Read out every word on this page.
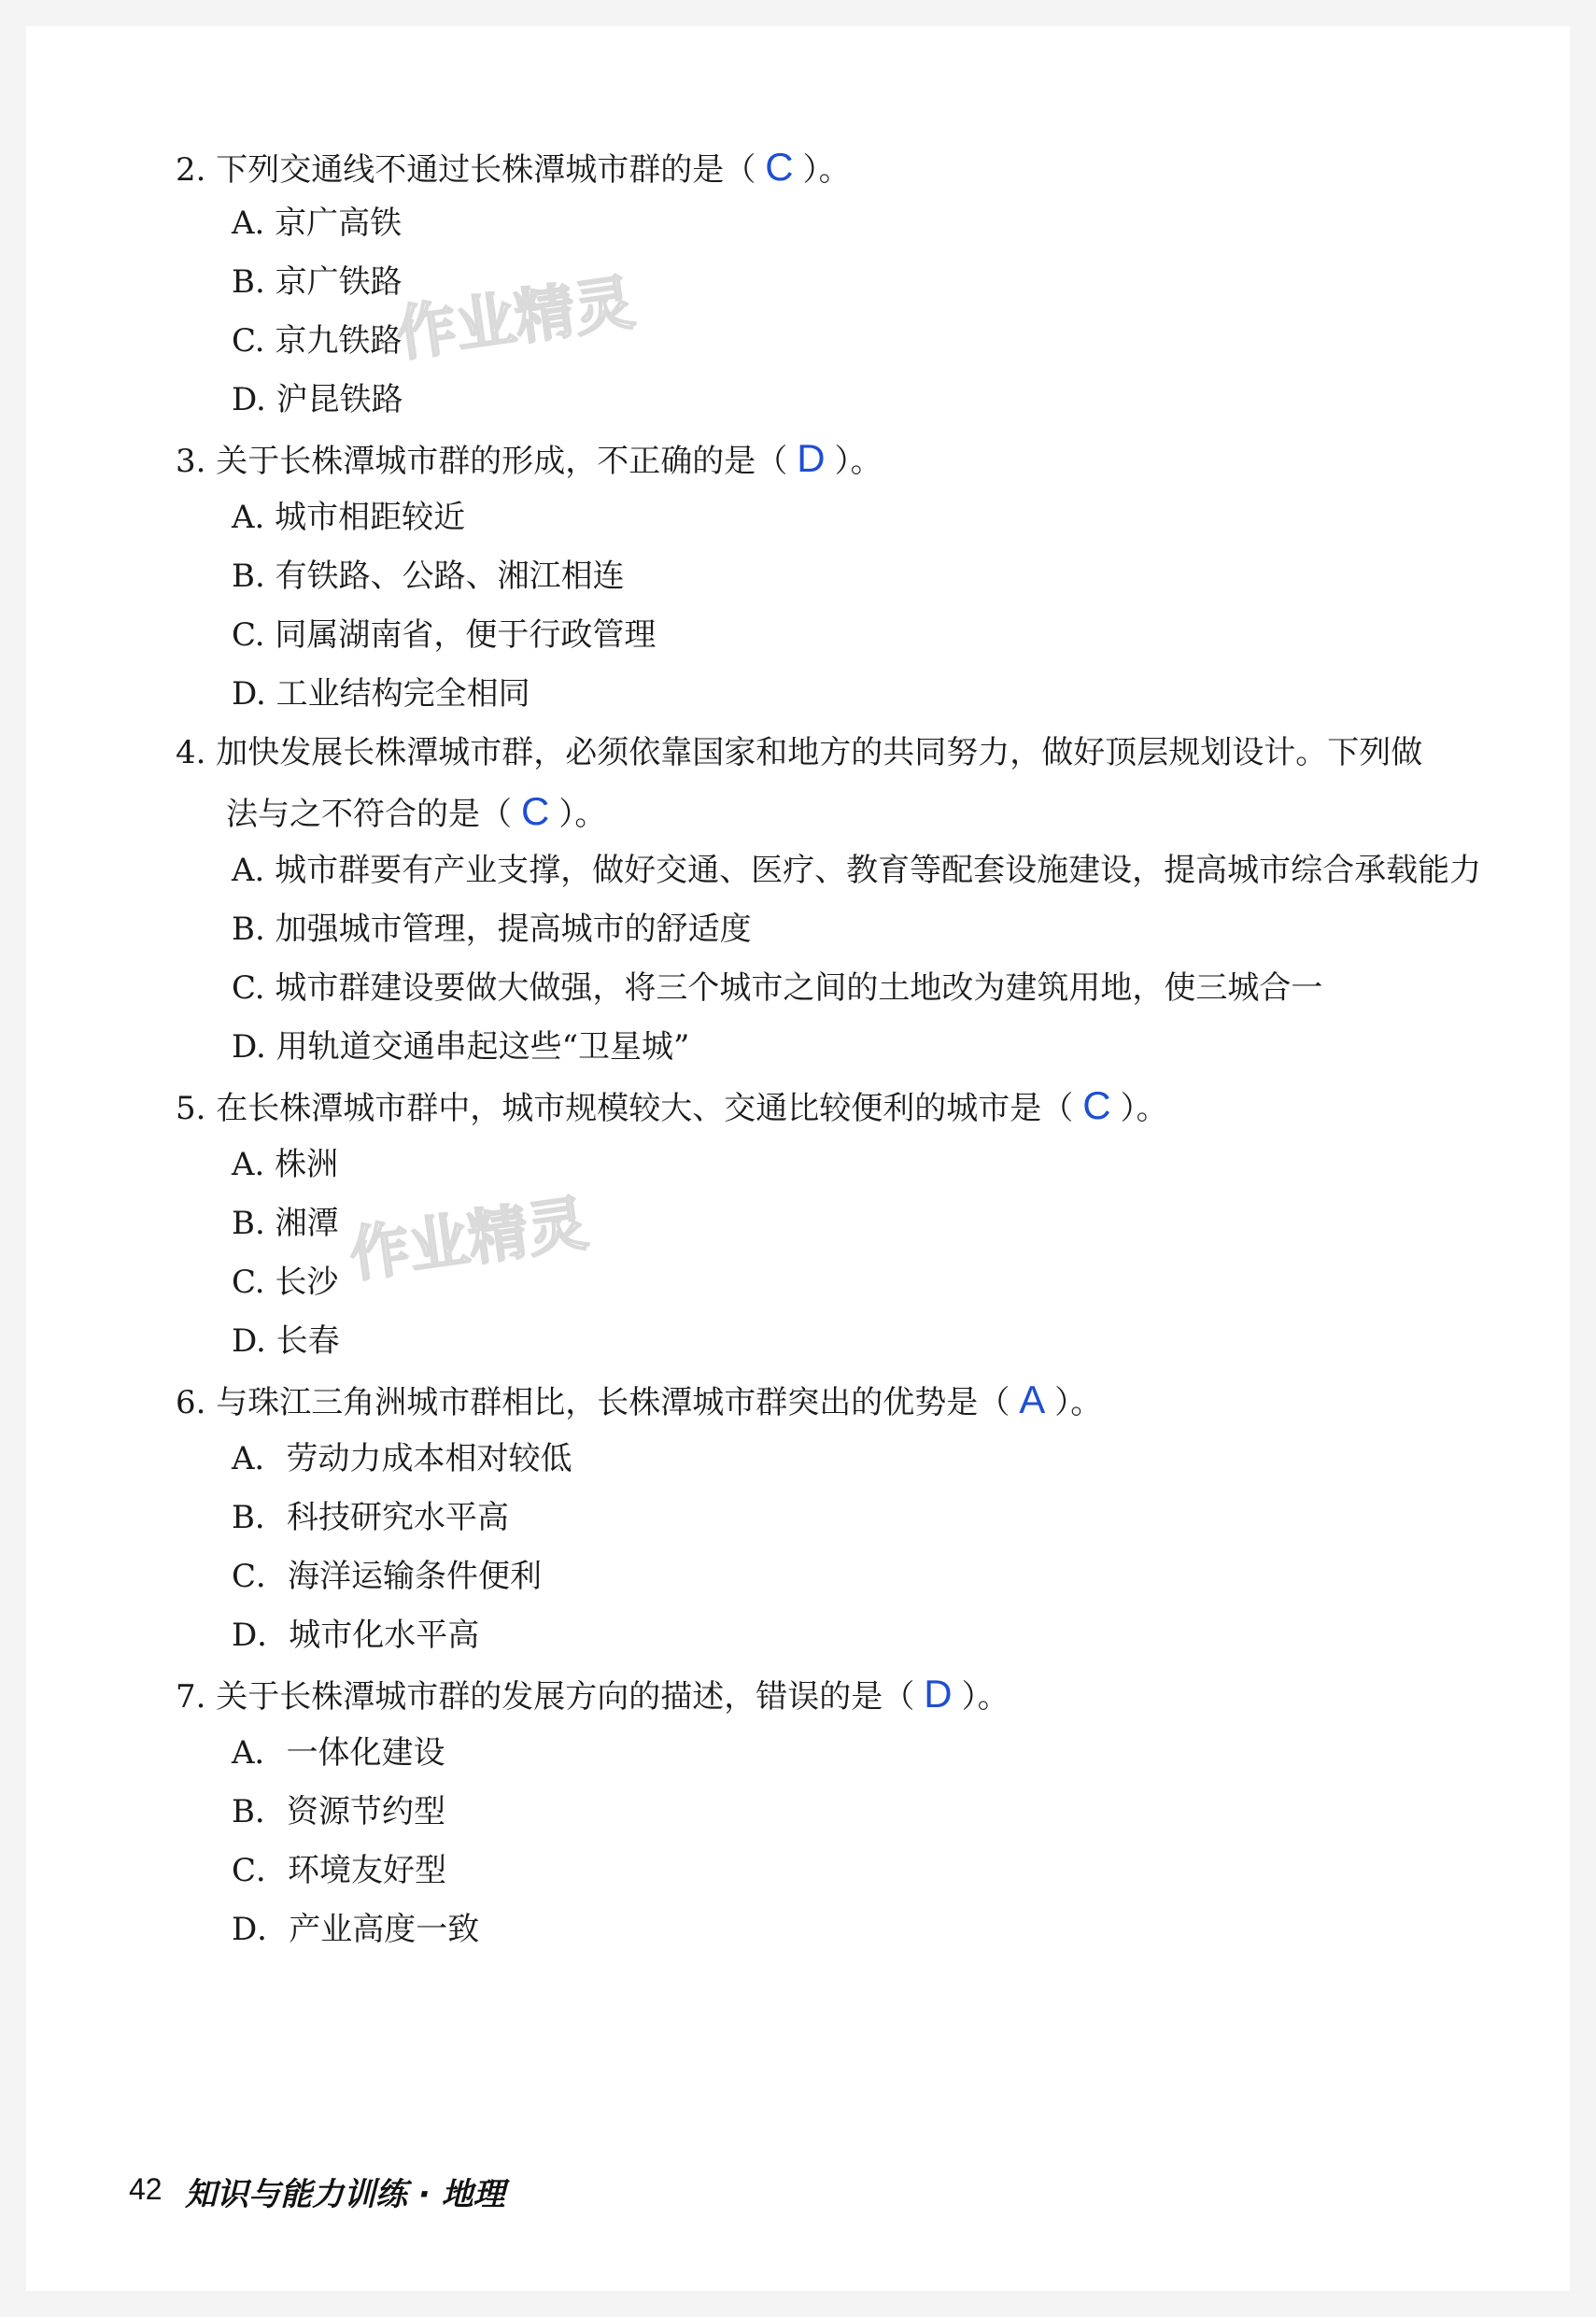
2. 下列交通线不通过长株潭城市群的是（ C ）。
A. 京广高铁
B. 京广铁路
C. 京九铁路
D. 沪昆铁路
3. 关于长株潭城市群的形成，不正确的是（ D ）。
A. 城市相距较近
B. 有铁路、公路、湘江相连
C. 同属湖南省，便于行政管理
D. 工业结构完全相同
4. 加快发展长株潭城市群，必须依靠国家和地方的共同努力，做好顶层规划设计。下列做
法与之不符合的是（ C ）。
A. 城市群要有产业支撑，做好交通、医疗、教育等配套设施建设，提高城市综合承载能力
B. 加强城市管理，提高城市的舒适度
C. 城市群建设要做大做强，将三个城市之间的土地改为建筑用地，使三城合一
D. 用轨道交通串起这些“卫星城”
5. 在长株潭城市群中，城市规模较大、交通比较便利的城市是（ C ）。
A. 株洲
B. 湘潭
C. 长沙
D. 长春
6. 与珠江三角洲城市群相比，长株潭城市群突出的优势是（ A ）。
A．劳动力成本相对较低
B．科技研究水平高
C．海洋运输条件便利
D．城市化水平高
7. 关于长株潭城市群的发展方向的描述，错误的是（ D ）。
A．一体化建设
B．资源节约型
C．环境友好型
D．产业高度一致
作业精灵
作业精灵
42 知识与能力训练 · 地理
